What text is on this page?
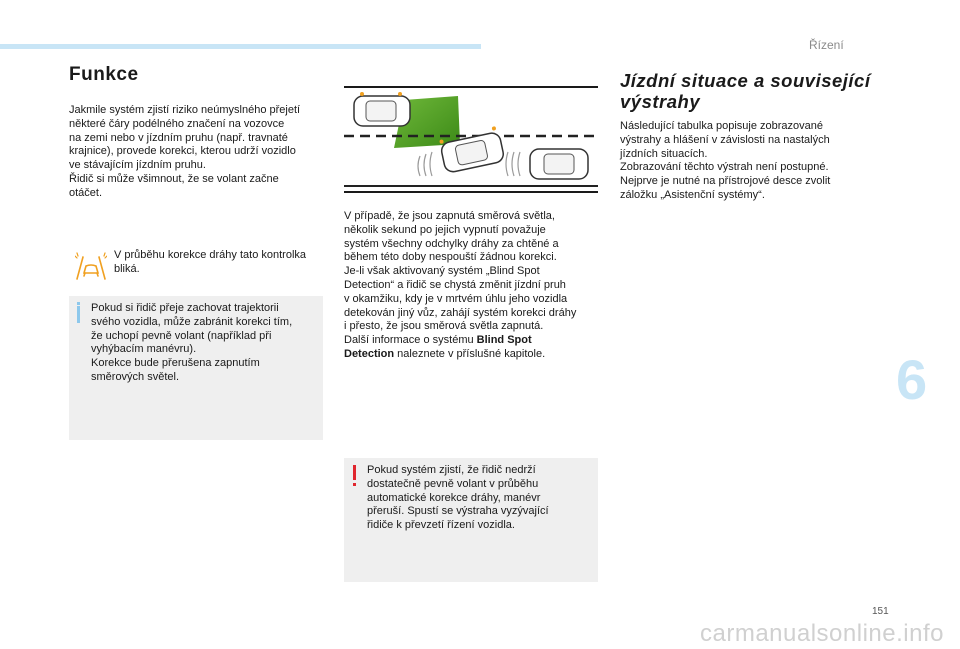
Řízení
Funkce

Jakmile systém zjistí riziko neúmyslného přejetí
některé čáry podélného značení na vozovce
na zemi nebo v jízdním pruhu (např. travnaté
krajnice), provede korekci, kterou udrží vozidlo
ve stávajícím jízdním pruhu.
Řidič si může všimnout, že se volant začne
otáčet.

V průběhu korekce dráhy tato kontrolka
bliká.

Pokud si řidič přeje zachovat trajektorii
svého vozidla, může zabránit korekci tím,
že uchopí pevně volant (například při
vyhýbacím manévru).
Korekce bude přerušena zapnutím
směrových světel.

V případě, že jsou zapnutá směrová světla,
několik sekund po jejich vypnutí považuje
systém všechny odchylky dráhy za chtěné a
během této doby nespouští žádnou korekci.
Je-li však aktivovaný systém „Blind Spot
Detection“ a řidič se chystá změnit jízdní pruh
v okamžiku, kdy je v mrtvém úhlu jeho vozidla
detekován jiný vůz, zahájí systém korekci dráhy
i přesto, že jsou směrová světla zapnutá.
Další informace o systému Blind Spot
Detection naleznete v příslušné kapitole.

Pokud systém zjistí, že řidič nedrží
dostatečně pevně volant v průběhu
automatické korekce dráhy, manévr
přeruší. Spustí se výstraha vyzývající
řidiče k převzetí řízení vozidla.

Jízdní situace a související
výstrahy

Následující tabulka popisuje zobrazované
výstrahy a hlášení v závislosti na nastalých
jízdních situacích.
Zobrazování těchto výstrah není postupné.
Nejprve je nutné na přístrojové desce zvolit
záložku „Asistenční systémy“.

6
151
carmanualsonline.info
